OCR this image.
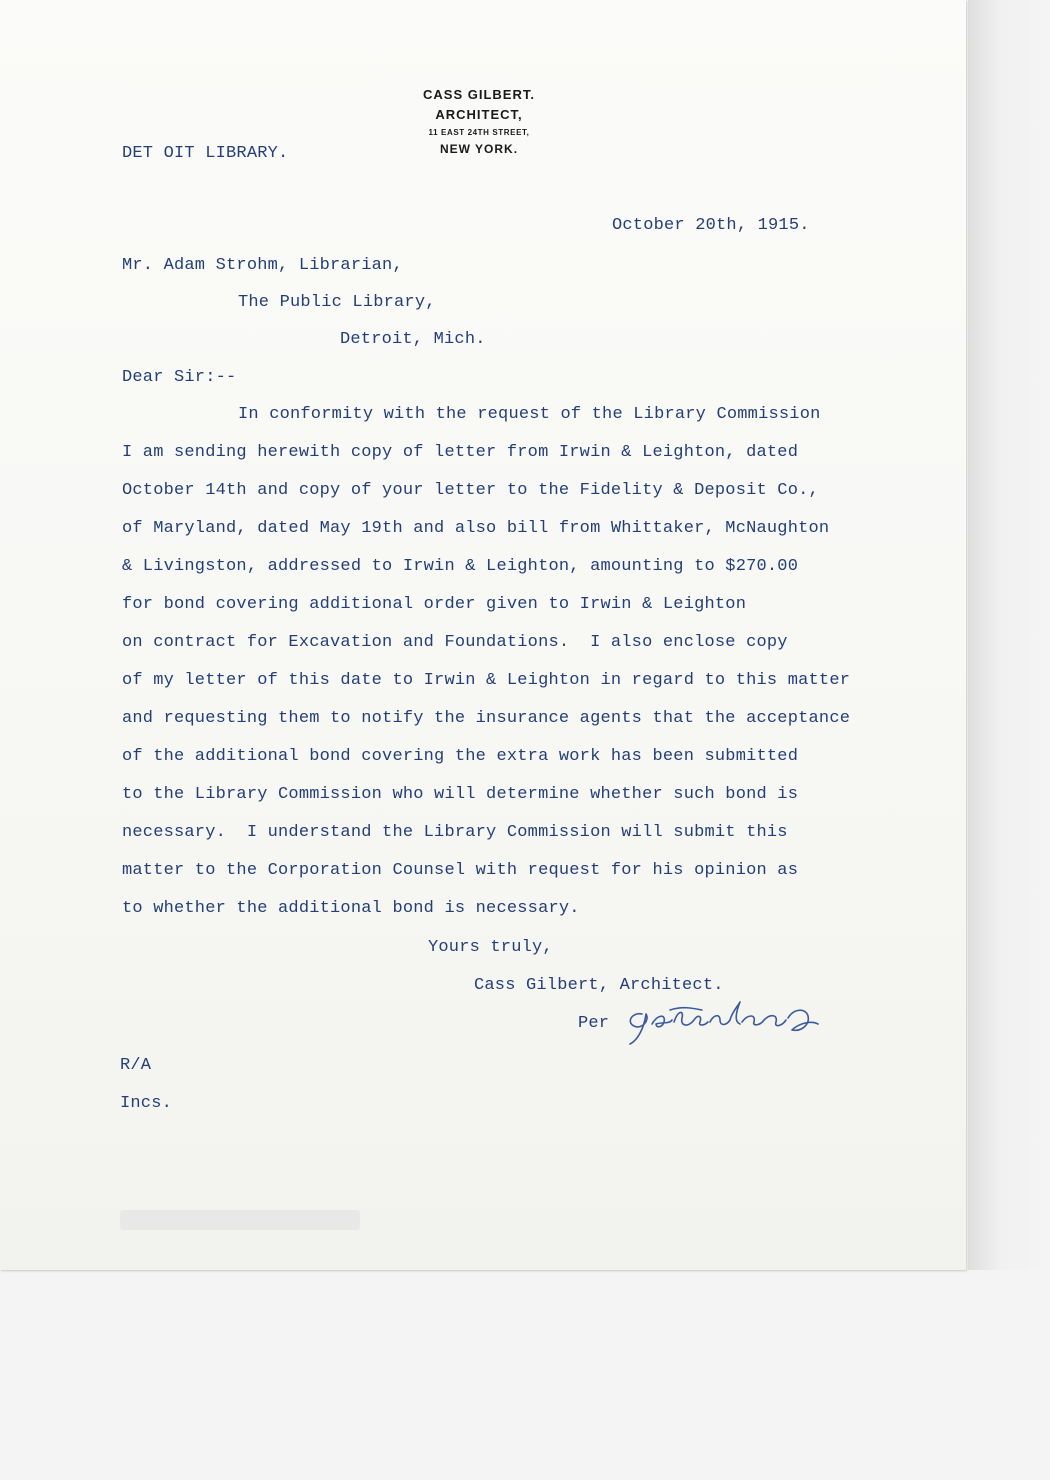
CASS GILBERT.
ARCHITECT,
11 EAST 24TH STREET,
NEW YORK.
DET OIT LIBRARY.
October 20th, 1915.
Mr. Adam Strohm, Librarian,
The Public Library,
Detroit, Mich.
Dear Sir:--
In conformity with the request of the Library Commission
I am sending herewith copy of letter from Irwin & Leighton, dated
October 14th and copy of your letter to the Fidelity & Deposit Co.,
of Maryland, dated May 19th and also bill from Whittaker, McNaughton
& Livingston, addressed to Irwin & Leighton, amounting to $270.00
for bond covering additional order given to Irwin & Leighton
on contract for Excavation and Foundations.  I also enclose copy
of my letter of this date to Irwin & Leighton in regard to this matter
and requesting them to notify the insurance agents that the acceptance
of the additional bond covering the extra work has been submitted
to the Library Commission who will determine whether such bond is
necessary.  I understand the Library Commission will submit this
matter to the Corporation Counsel with request for his opinion as
to whether the additional bond is necessary.
Yours truly,
Cass Gilbert, Architect.
Per
R/A
Incs.
